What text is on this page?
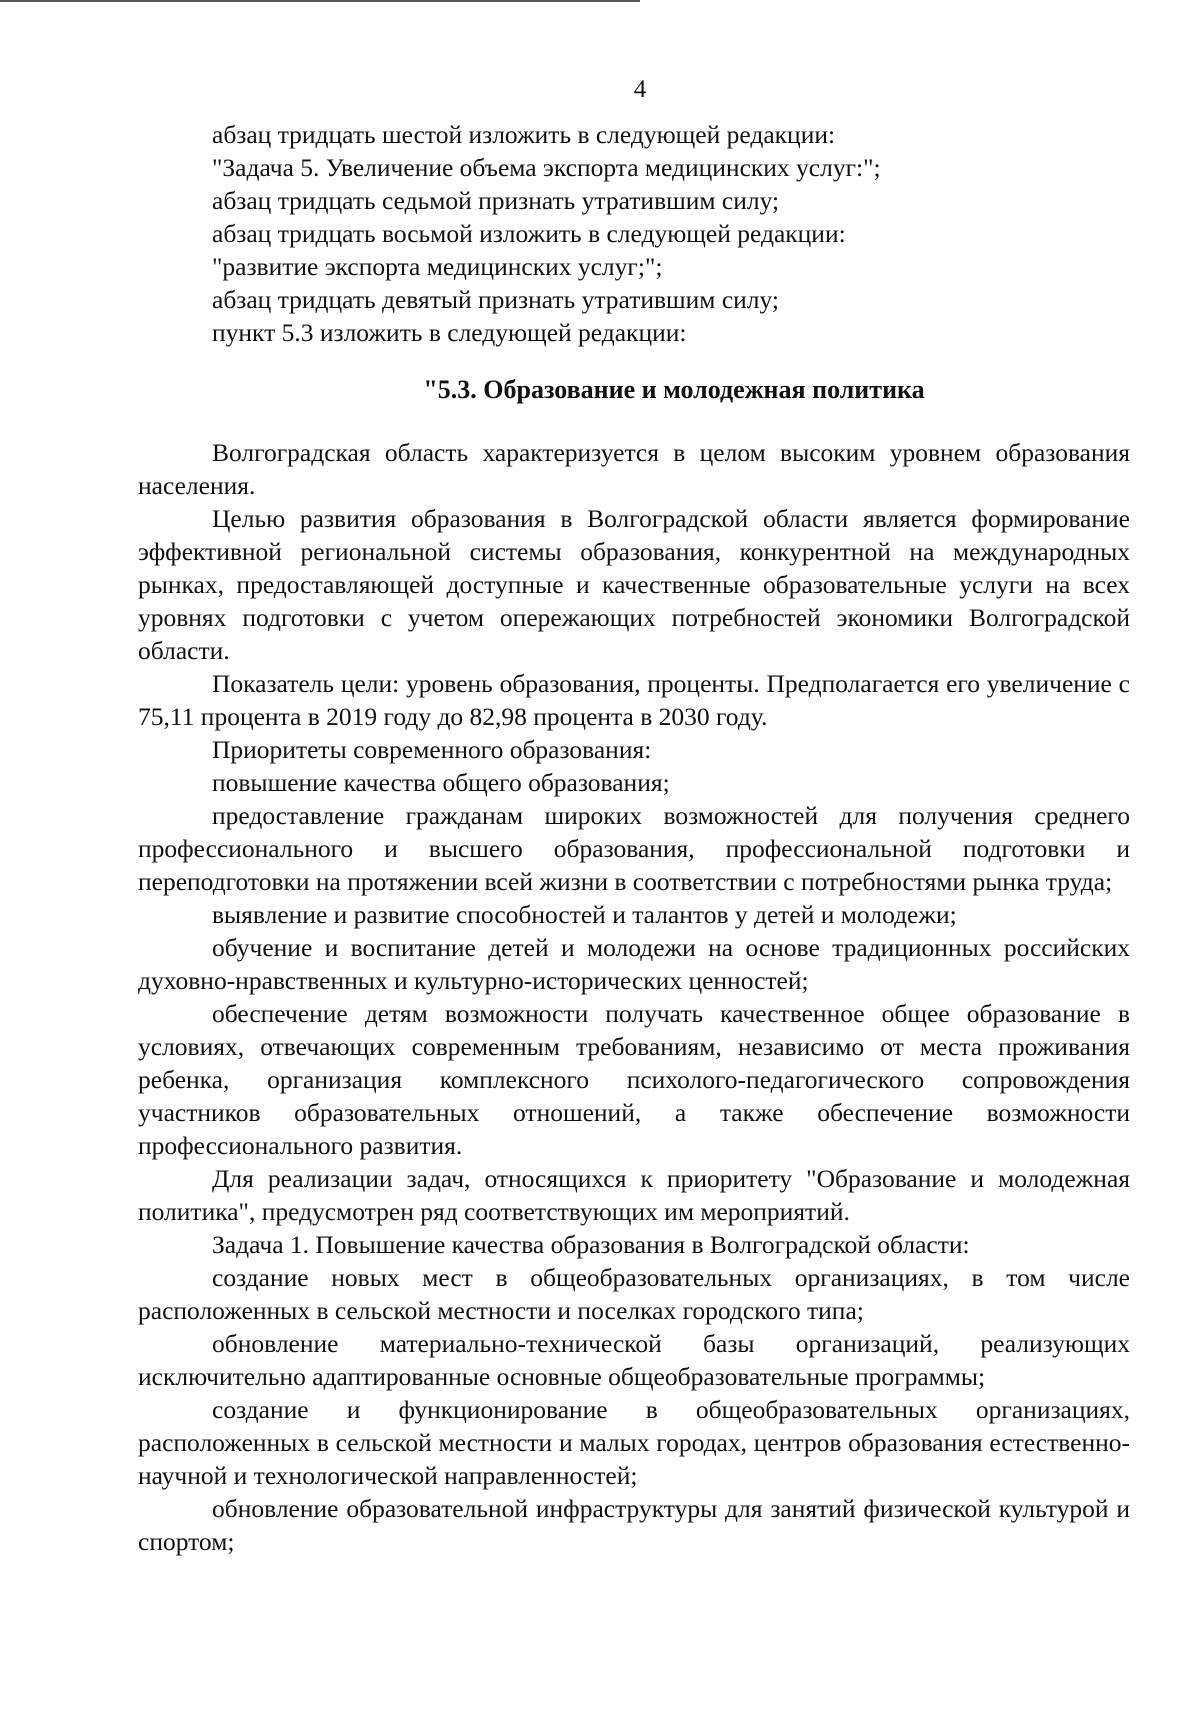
4

абзац тридцать шестой изложить в следующей редакции:

"Задача 5. Увеличение объема экспорта медицинских услуг:";

абзац тридцать седьмой признать утратившим силу;

абзац тридцать восьмой изложить в следующей редакции:

"развитие экспорта медицинских услуг;";

абзац тридцать девятый признать утратившим силу;

пункт 5.3 изложить в следующей редакции:

"5.3. Образование и молодежная политика

Волгоградская область характеризуется в целом высоким уровнем образования населения.

Целью развития образования в Волгоградской области является формирование эффективной региональной системы образования, конкурентной на международных рынках, предоставляющей доступные и качественные образовательные услуги на всех уровнях подготовки с учетом опережающих потребностей экономики Волгоградской области.

Показатель цели: уровень образования, проценты. Предполагается его увеличение с 75,11 процента в 2019 году до 82,98 процента в 2030 году.

Приоритеты современного образования:

повышение качества общего образования;

предоставление гражданам широких возможностей для получения среднего профессионального и высшего образования, профессиональной подготовки и переподготовки на протяжении всей жизни в соответствии с потребностями рынка труда;

выявление и развитие способностей и талантов у детей и молодежи;

обучение и воспитание детей и молодежи на основе традиционных российских духовно-нравственных и культурно-исторических ценностей;

обеспечение детям возможности получать качественное общее образование в условиях, отвечающих современным требованиям, независимо от места проживания ребенка, организация комплексного психолого-педагогического сопровождения участников образовательных отношений, а также обеспечение возможности профессионального развития.

Для реализации задач, относящихся к приоритету "Образование и молодежная политика", предусмотрен ряд соответствующих им мероприятий.

Задача 1. Повышение качества образования в Волгоградской области:

создание новых мест в общеобразовательных организациях, в том числе расположенных в сельской местности и поселках городского типа;

обновление материально-технической базы организаций, реализующих исключительно адаптированные основные общеобразовательные программы;

создание и функционирование в общеобразовательных организациях, расположенных в сельской местности и малых городах, центров образования естественно-научной и технологической направленностей;

обновление образовательной инфраструктуры для занятий физической культурой и спортом;
